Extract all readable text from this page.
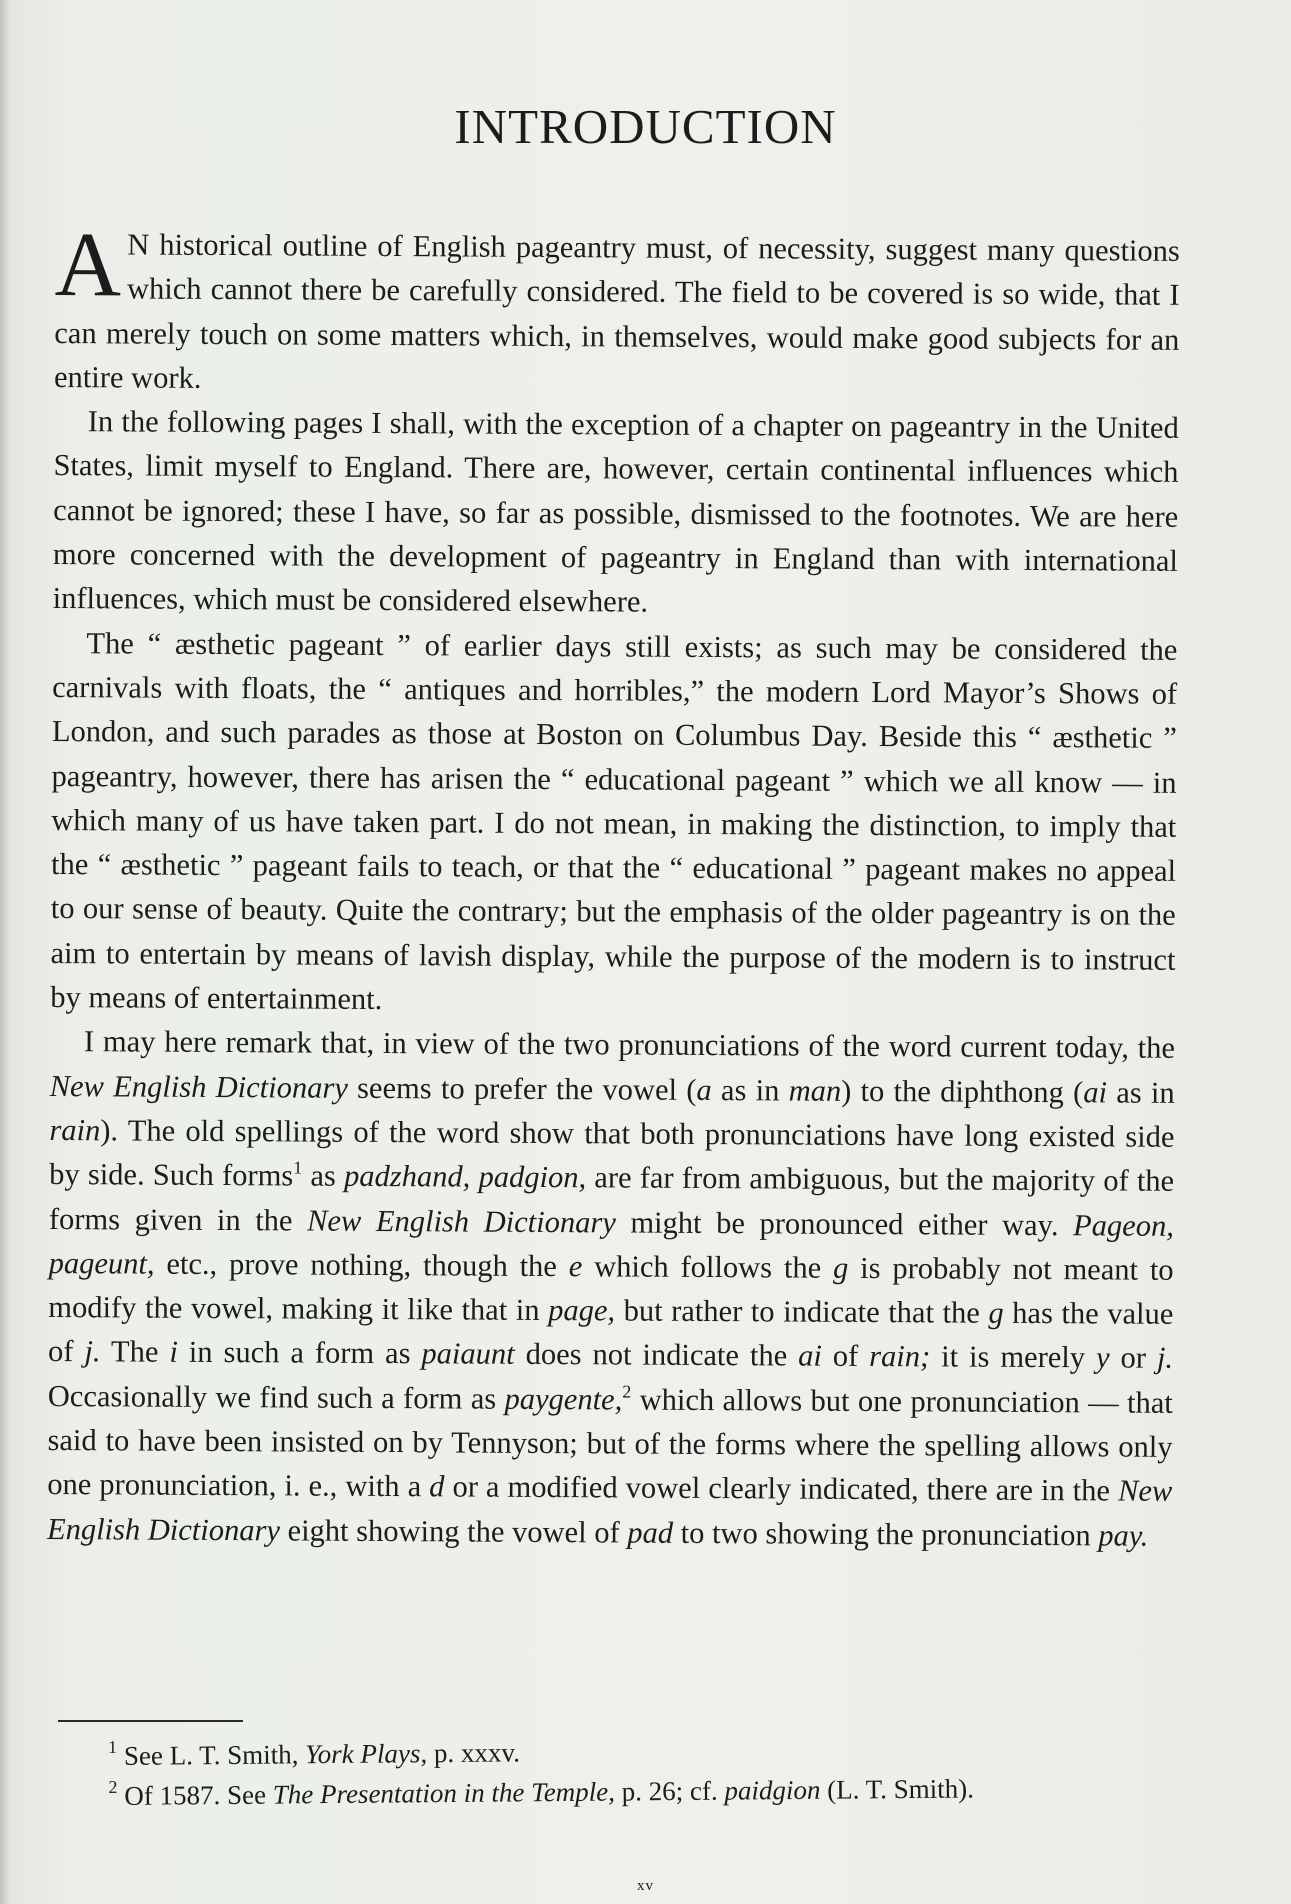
INTRODUCTION

A N historical outline of English pageantry must, of necessity, suggest many questions which cannot there be carefully considered. The field to be covered is so wide, that I can merely touch on some matters which, in themselves, would make good subjects for an entire work.

In the following pages I shall, with the exception of a chapter on pageantry in the United States, limit myself to England. There are, however, certain continental influences which cannot be ignored; these I have, so far as possible, dismissed to the footnotes. We are here more concerned with the development of pageantry in England than with international influences, which must be considered elsewhere.

The “ æsthetic pageant ” of earlier days still exists; as such may be considered the carnivals with floats, the “ antiques and horribles,” the modern Lord Mayor’s Shows of London, and such parades as those at Boston on Columbus Day. Beside this “ æsthetic ” pageantry, however, there has arisen the “ educational pageant ” which we all know — in which many of us have taken part. I do not mean, in making the distinction, to imply that the “ æsthetic ” pageant fails to teach, or that the “ educational ” pageant makes no appeal to our sense of beauty. Quite the contrary; but the emphasis of the older pageantry is on the aim to entertain by means of lavish display, while the purpose of the modern is to instruct by means of entertainment.

I may here remark that, in view of the two pronunciations of the word current today, the New English Dictionary seems to prefer the vowel (a as in man) to the diphthong (ai as in rain). The old spellings of the word show that both pronunciations have long existed side by side. Such forms$^1$ as padzhand, padgion, are far from ambiguous, but the majority of the forms given in the New English Dictionary might be pronounced either way. Pageon, pageunt, etc., prove nothing, though the e which follows the g is probably not meant to modify the vowel, making it like that in page, but rather to indicate that the g has the value of j. The i in such a form as paiaunt does not indicate the ai of rain; it is merely y or j. Occasionally we find such a form as paygente,$^2$ which allows but one pronunciation — that said to have been insisted on by Tennyson; but of the forms where the spelling allows only one pronunciation, i. e., with a d or a modified vowel clearly indicated, there are in the New English Dictionary eight showing the vowel of pad to two showing the pronunciation pay.

$^1$ See L. T. Smith, York Plays, p. xxxv.

$^2$ Of 1587. See The Presentation in the Temple, p. 26; cf. paidgion (L. T. Smith).

xv
